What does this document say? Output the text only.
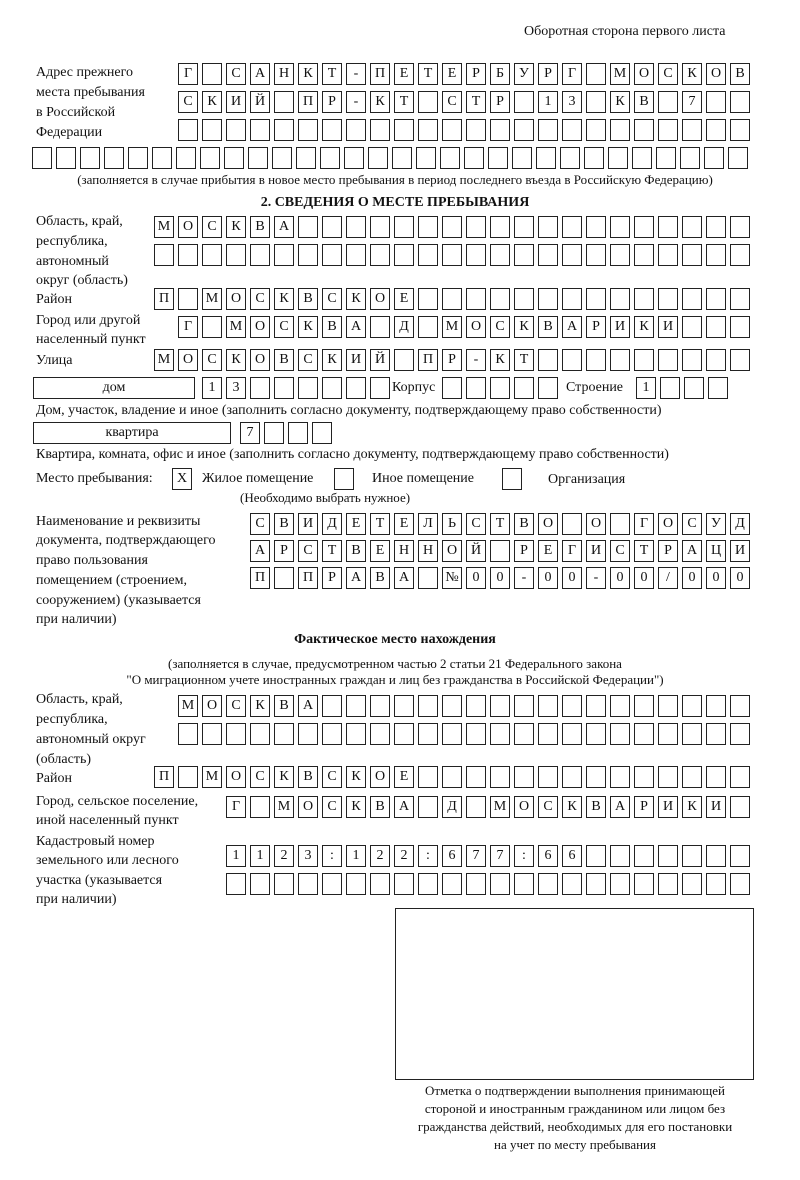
Оборотная сторона первого листа
Адрес прежнего
места пребывания
в Российской
Федерации
Г	С	А Н	К	Т	-	П	Е	Т	Е	Р	Б	У	Р	Г	М О	С	К	О	В
С	К	И Й	П	Р	-	К	Т	С	Т	Р	1	3	К	В	7
(заполняется в случае прибытия в новое место пребывания в период последнего въезда в Российскую Федерацию)
2. СВЕДЕНИЯ О МЕСТЕ ПРЕБЫВАНИЯ
Область, край,
республика,
автономный
округ (область)
М О	С	К	В	А
Район	П	М О	С	К	В	С	К	О	Е
Город или другой
населенный пункт
Г	М О	С	К	В	А	Д	М О	С	К	В	А	Р	И	К	И
Улица	М О	С	К	О	В	С	К	И Й	П	Р	-	К	Т
дом	1	3	Корпус	Строение	1
Дом, участок, владение и иное (заполнить согласно документу, подтверждающему право собственности)
квартира	7
Квартира, комната, офис и иное (заполнить согласно документу, подтверждающему право собственности)
Место пребывания:	X	Жилое помещение	Иное помещение	Организация
(Необходимо выбрать нужное)
Наименование и реквизиты
документа, подтверждающего
право пользования
помещением (строением,
сооружением) (указывается
при наличии)
С	В	И	Д	Е	Т	Е	Л	Ь	С	Т	В	О	О	Г	О	С	У	Д
А	Р	С	Т	В	Е	Н Н О Й	Р	Е	Г	И	С	Т	Р	А Ц И
П	П	Р	А	В	А	№ 0	0	-	0	0	-	0	0	/	0	0	0
Фактическое место нахождения
(заполняется в случае, предусмотренном частью 2 статьи 21 Федерального закона
"О миграционном учете иностранных граждан и лиц без гражданства в Российской Федерации")
Область, край,
республика,
автономный округ
(область)
М О	С	К	В	А
Район	П	М О	С	К	В	С	К	О	Е
Город, сельское поселение,
иной населенный пункт
Г	М О	С	К	В	А	Д	М О	С	К	В	А	Р	И	К	И
Кадастровый номер
земельного или лесного
участка (указывается
при наличии)
1	1	2	3	:	1	2	2	:	6	7	7	:	6	6
Отметка о подтверждении выполнения принимающей
стороной и иностранным гражданином или лицом без
гражданства действий, необходимых для его постановки
на учет по месту пребывания
